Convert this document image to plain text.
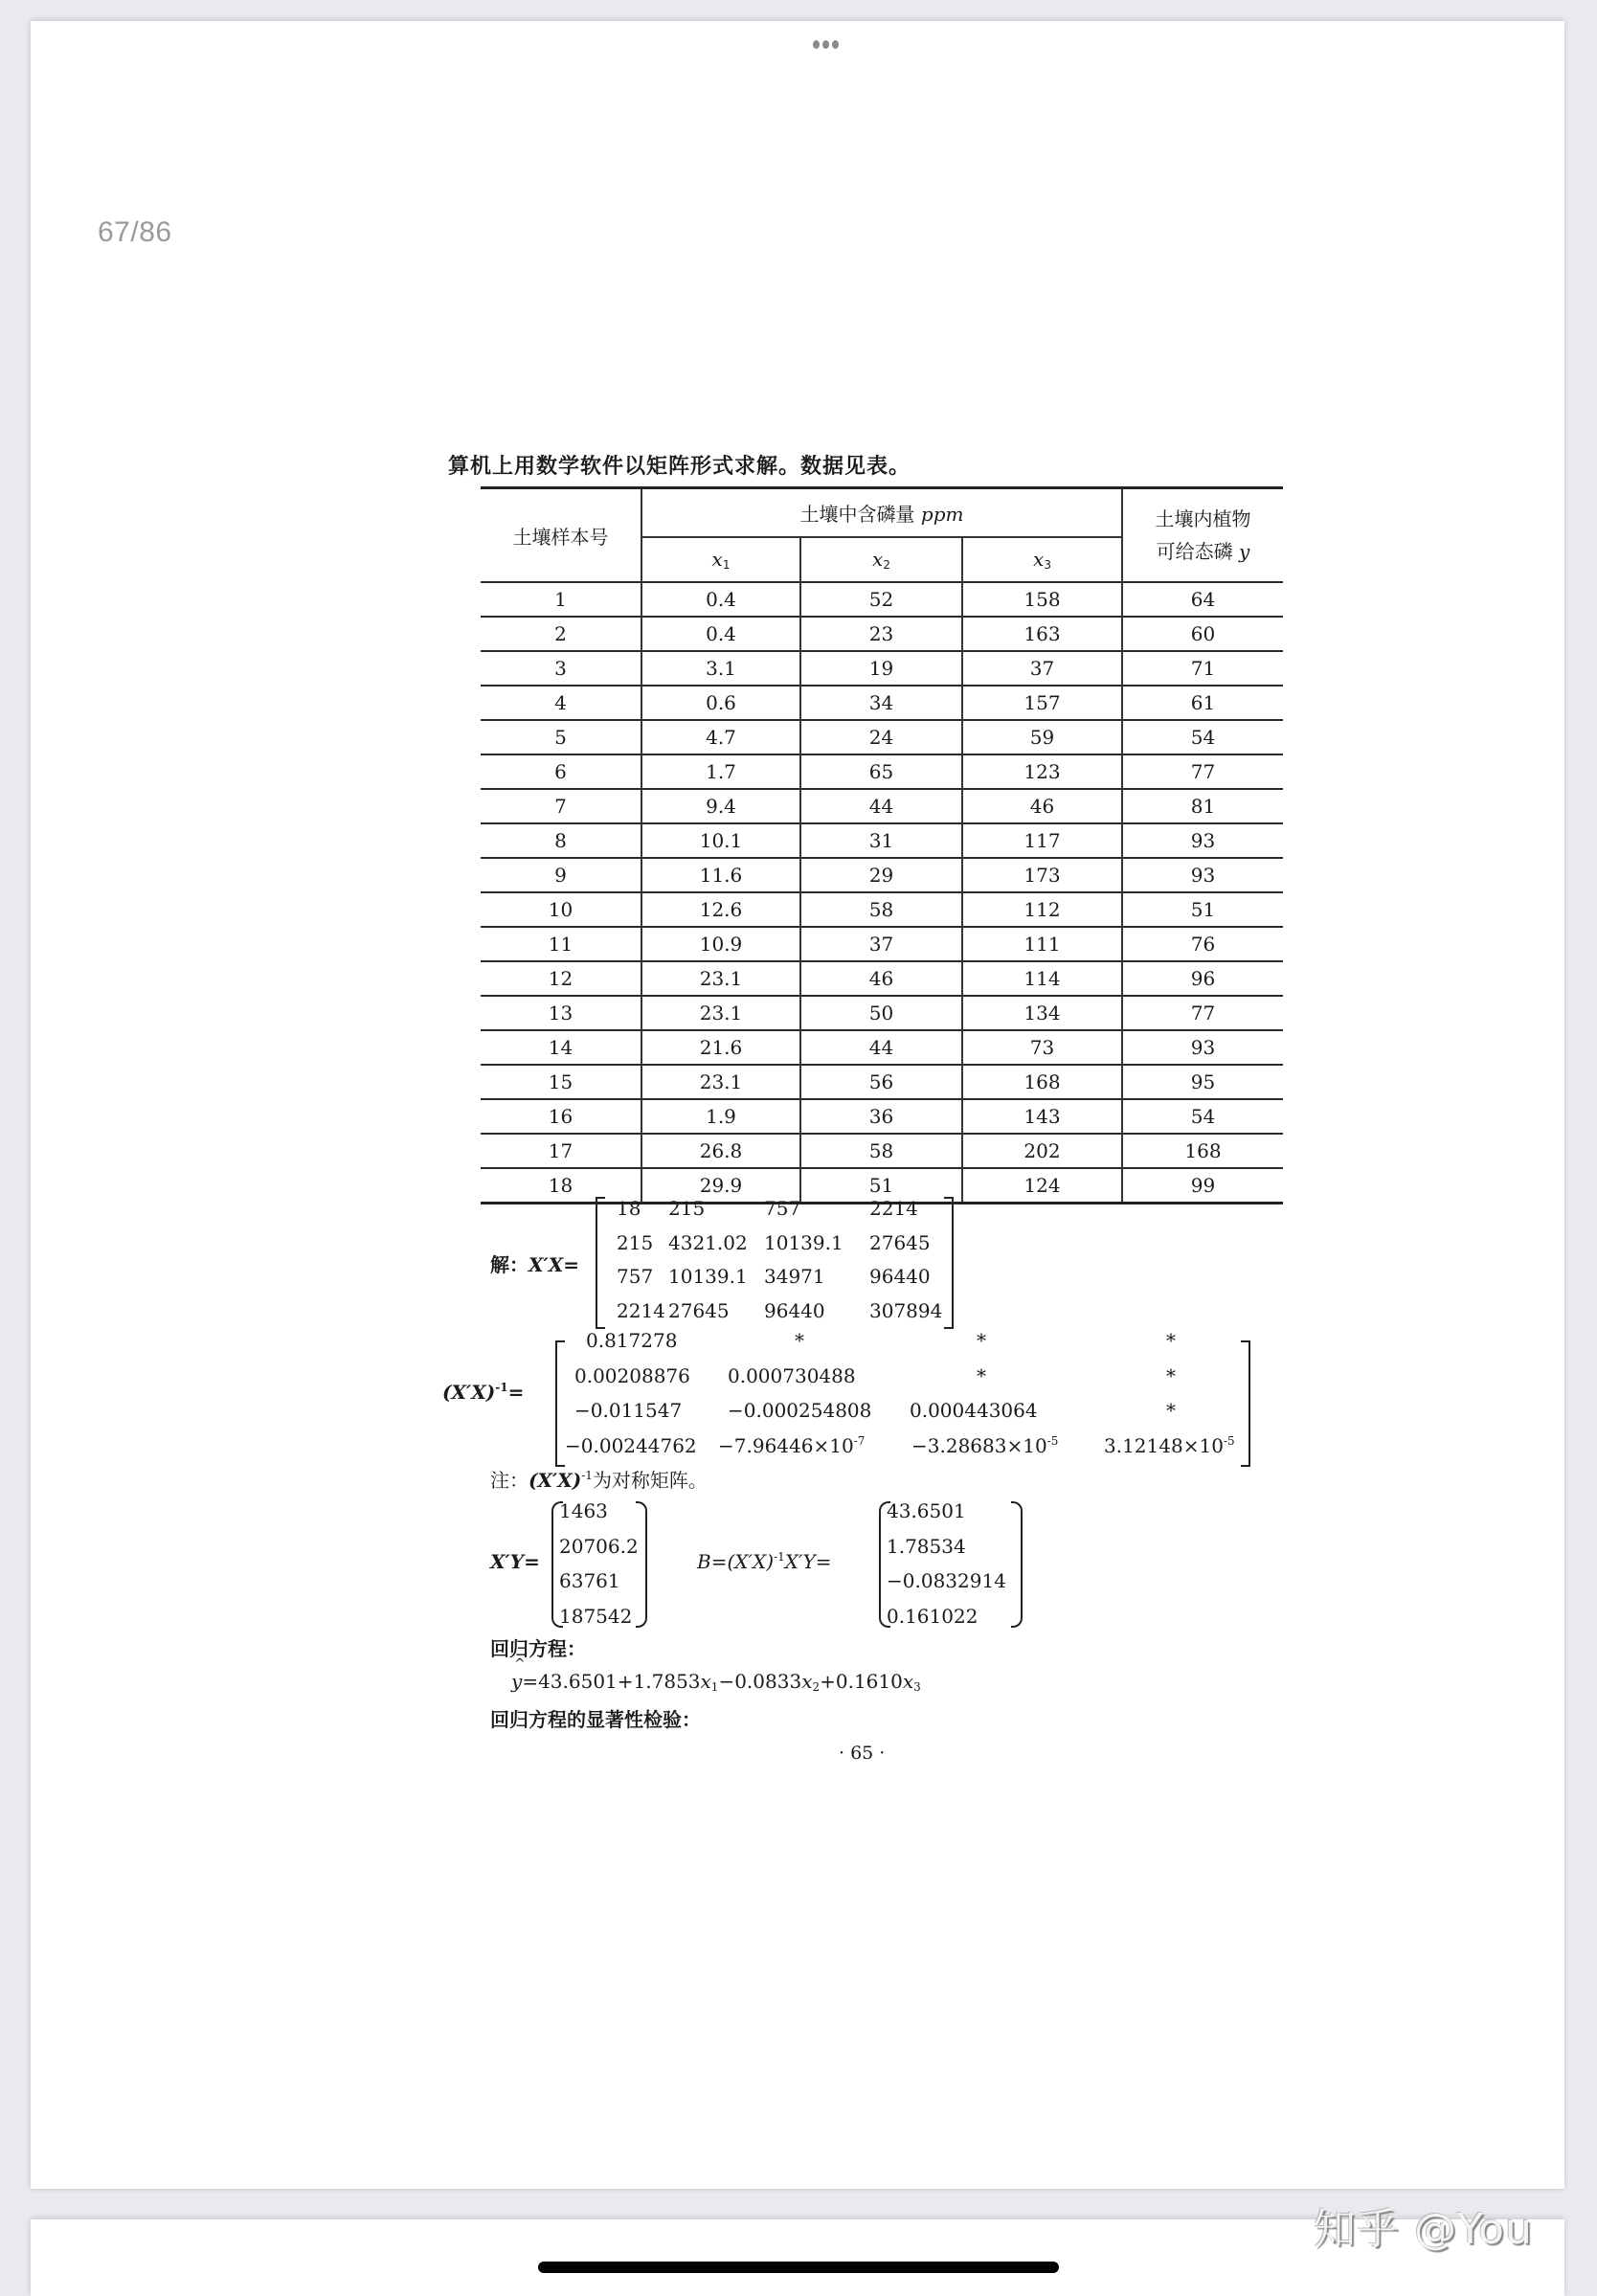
67/86
算机上用数学软件以矩阵形式求解。数据见表。
土壤样本号	土壤中含磷量 ppm			土壤内植物
可给态磷 y

	$x_1$	$x_2$	$x_3$
1	0.4	52	158	64
2	0.4	23	163	60
3	3.1	19	37	71
4	0.6	34	157	61
5	4.7	24	59	54
6	1.7	65	123	77
7	9.4	44	46	81
8	10.1	31	117	93
9	11.6	29	173	93
10	12.6	58	112	51
11	10.9	37	111	76
12	23.1	46	114	96
13	23.1	50	134	77
14	21.6	44	73	93
15	23.1	56	168	95
16	1.9	36	143	54
17	26.8	58	202	168
18	29.9	51	124	99
解：X′X=
18 215	757	2214
215 4321.02 10139.1 27645
757 10139.1 34971 96440
2214 27645 96440 307894
$(X'X)^{-1}=$
0.817278	*	*	*
0.00208876 0.000730488	*	*
−0.011547 −0.000254808 0.000443064	*
$-0.00244762 -7.96446\times 10^{-7} -3.28683\times 10^{-5}$ $3.12148\times 10^{-5}$
注：$(X'X)^{-1}$为对称矩阵。
X′Y=
1463
20706.2
63761
187542
$B=(X'X)^{-1}X'Y=$
43.6501
1.78534
−0.0832914
0.161022
回归方程：
^
$y=43.6501+1.7853x_1-0.0833x_2+0.1610x_3$
回归方程的显著性检验：
· 65 ·
知乎 @You
